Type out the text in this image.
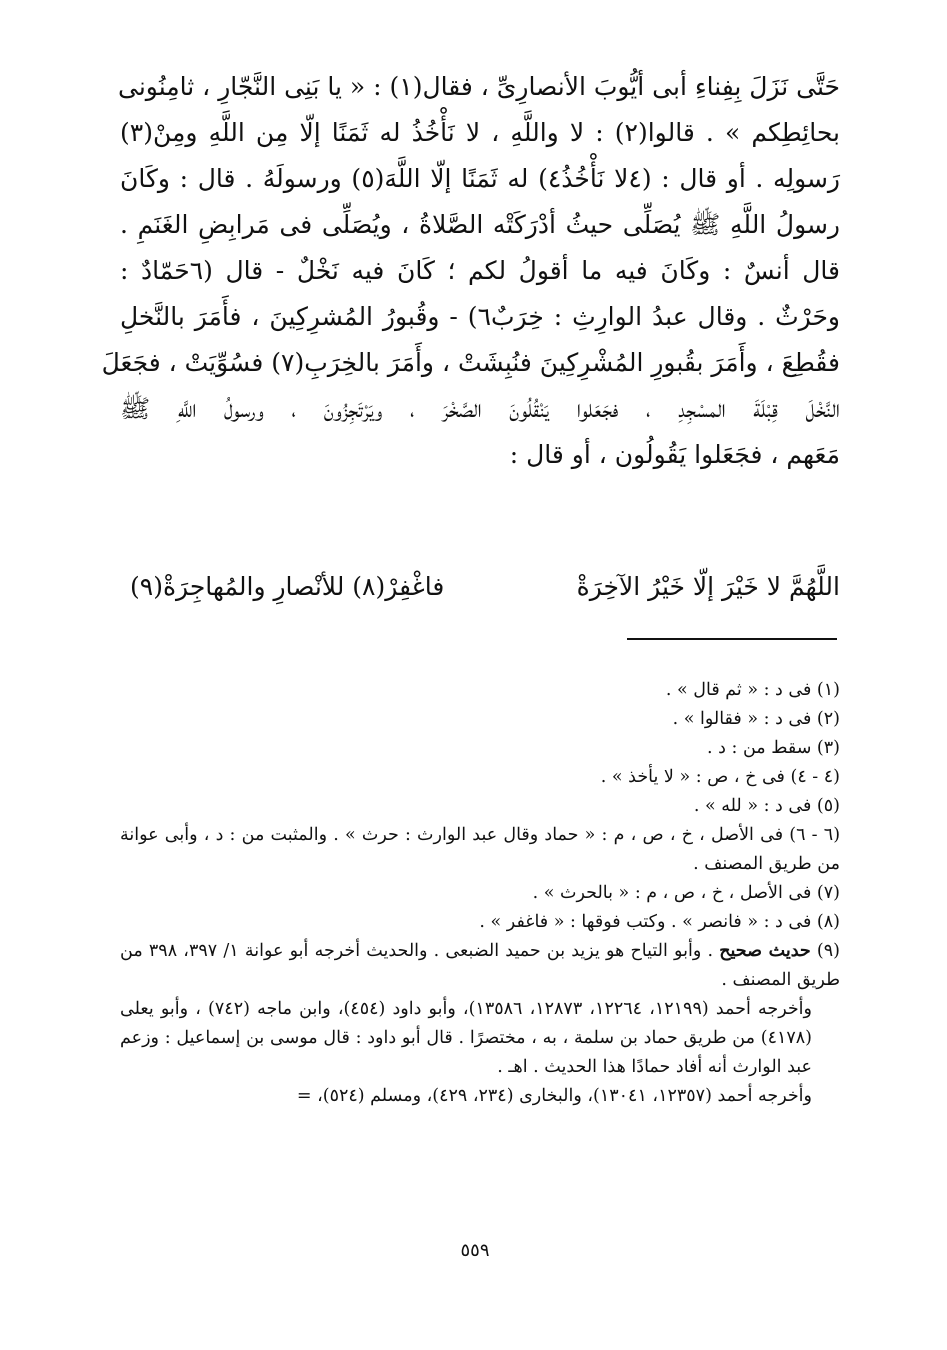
حَتَّى نَزَلَ بِفِناءِ أبى أيُّوبَ الأنصارِىِّ ، فقال(١) : « يا بَنِى النَّجّارِ ، ثامِنُونى
بحائِطِكم » . قالوا(٢) : لا واللَّهِ ، لا نَأْخُذُ له ثَمَنًا إلّا مِن اللَّهِ ومِنْ(٣)
رَسولِه . أو قال : (٤لا نَأْخُذُ٤) له ثَمَنًا إلّا اللَّهَ(٥) ورسولَهُ . قال : وكَانَ
رسولُ اللَّهِ ﷺ يُصَلِّى حيثُ أدْرَكَتْه الصَّلاةُ ، ويُصَلِّى فى مَرابِضِ الغَنَمِ .
قال أنسٌ : وكَانَ فيه ما أقولُ لكم ؛ كَانَ فيه نَخْلٌ - قال (٦حَمّادٌ :
وحَرْثٌ . وقال عبدُ الوارِثِ : خِرَبٌ٦) - وقُبورُ المُشرِكِينَ ، فأَمَرَ بالنَّخلِ
فقُطِعَ ، وأَمَرَ بقُبورِ المُشْرِكِينَ فنُبِشَتْ ، وأَمَرَ بالخِرَبِ(٧) فسُوِّيَتْ ، فجَعَلَ
النَّخْلَ قِبْلَةَ المسْجِدِ ، فجَعَلوا يَنْقُلُونَ الصَّخْرَ ، ويَرْتَجِزُونَ ، ورسولُ اللَّهِ ﷺ
مَعَهم ، فجَعَلوا يَقُولُون ، أو قال :
اللَّهُمَّ لا خَيْرَ إلّا خَيْرُ الآخِرَةْ
فاغْفِرْ(٨) للأنْصارِ والمُهاجِرَةْ(٩)
(١) فى د : « ثم قال » .
(٢) فى د : « فقالوا » .
(٣) سقط من : د .
(٤ - ٤) فى خ ، ص : « لا يأخذ » .
(٥) فى د : « لله » .
(٦ - ٦) فى الأصل ، خ ، ص ، م : « حماد وقال عبد الوارث : حرث » . والمثبت من : د ، وأبى عوانة من طريق المصنف .
(٧) فى الأصل ، خ ، ص ، م : « بالحرث » .
(٨) فى د : « فانصر » . وكتب فوقها : « فاغفر » .
(٩) حديث صحيح . وأبو التياح هو يزيد بن حميد الضبعى . والحديث أخرجه أبو عوانة ١/ ٣٩٧، ٣٩٨ من طريق المصنف .
وأخرجه أحمد (١٢١٩٩، ١٢٢٦٤، ١٢٨٧٣، ١٣٥٨٦)، وأبو داود (٤٥٤)، وابن ماجه (٧٤٢) ، وأبو يعلى (٤١٧٨) من طريق حماد بن سلمة ، به ، مختصرًا . قال أبو داود : قال موسى بن إسماعيل : وزعم عبد الوارث أنه أفاد حمادًا هذا الحديث . اهـ .
وأخرجه أحمد (١٢٣٥٧، ١٣٠٤١)، والبخارى (٢٣٤، ٤٢٩)، ومسلم (٥٢٤)، =
٥٥٩
